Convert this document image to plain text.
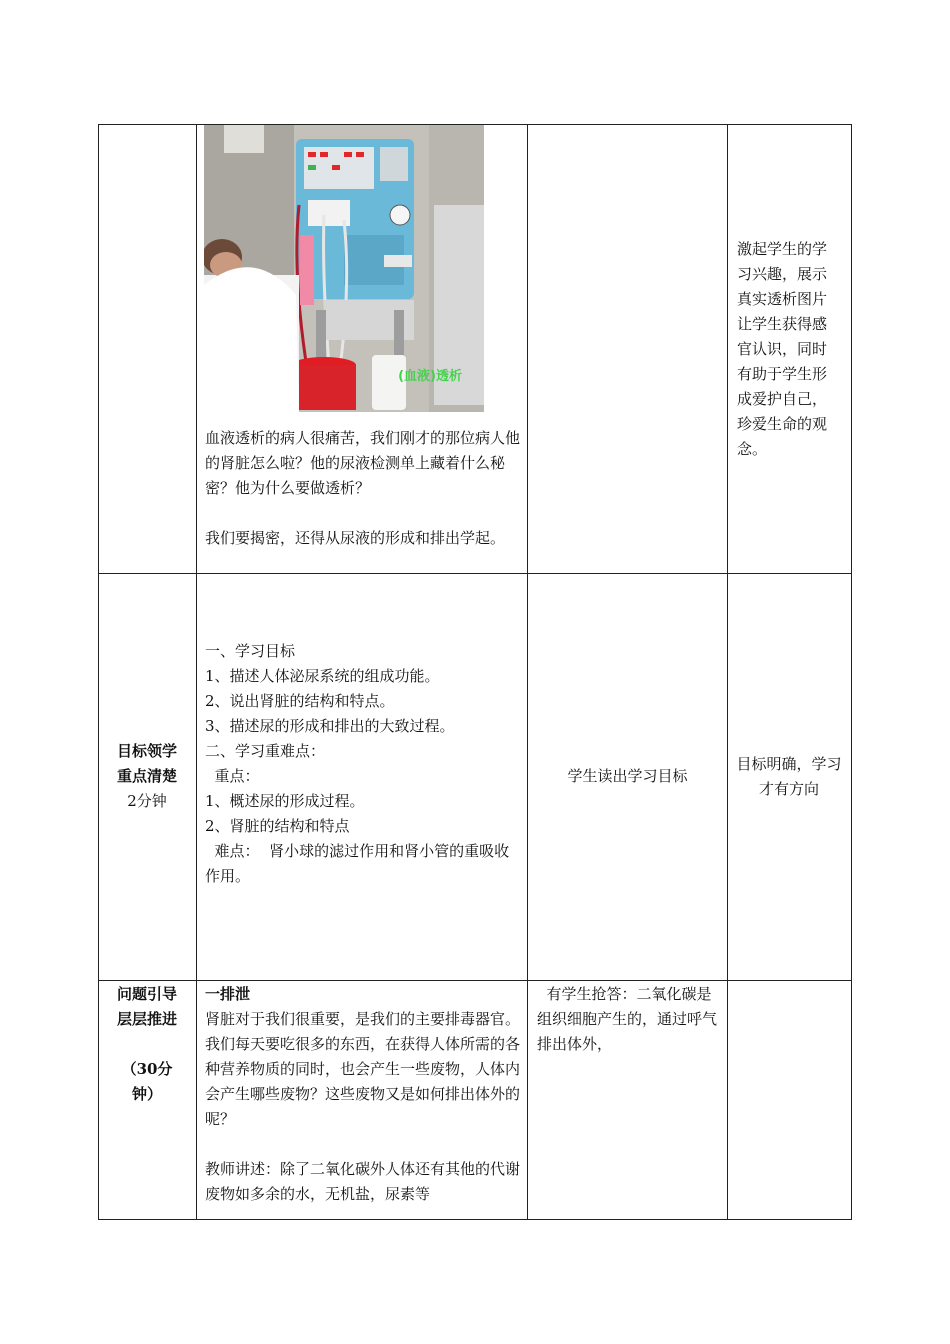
(血液)透析

血液透析的病人很痛苦，我们刚才的那位病人他的肾脏怎么啦？他的尿液检测单上藏着什么秘密？他为什么要做透析？

我们要揭密，还得从尿液的形成和排出学起。

激起学生的学习兴趣，展示真实透析图片让学生获得感官认识，同时有助于学生形成爱护自己，珍爱生命的观念。

目标领学
重点清楚
2分钟
一、学习目标
1、描述人体泌尿系统的组成功能。
2、说出肾脏的结构和特点。
3、描述尿的形成和排出的大致过程。
二、学习重难点：
重点：
1、概述尿的形成过程。
2、肾脏的结构和特点
难点：  肾小球的滤过作用和肾小管的重吸收作用。
学生读出学习目标
目标明确，学习才有方向
问题引导
层层推进
（30分
钟）
一排泄

肾脏对于我们很重要，是我们的主要排毒器官。我们每天要吃很多的东西，在获得人体所需的各种营养物质的同时，也会产生一些废物，人体内会产生哪些废物？这些废物又是如何排出体外的呢？

教师讲述：除了二氧化碳外人体还有其他的代谢废物如多余的水，无机盐，尿素等

有学生抢答：二氧化碳是组织细胞产生的，通过呼气排出体外，
